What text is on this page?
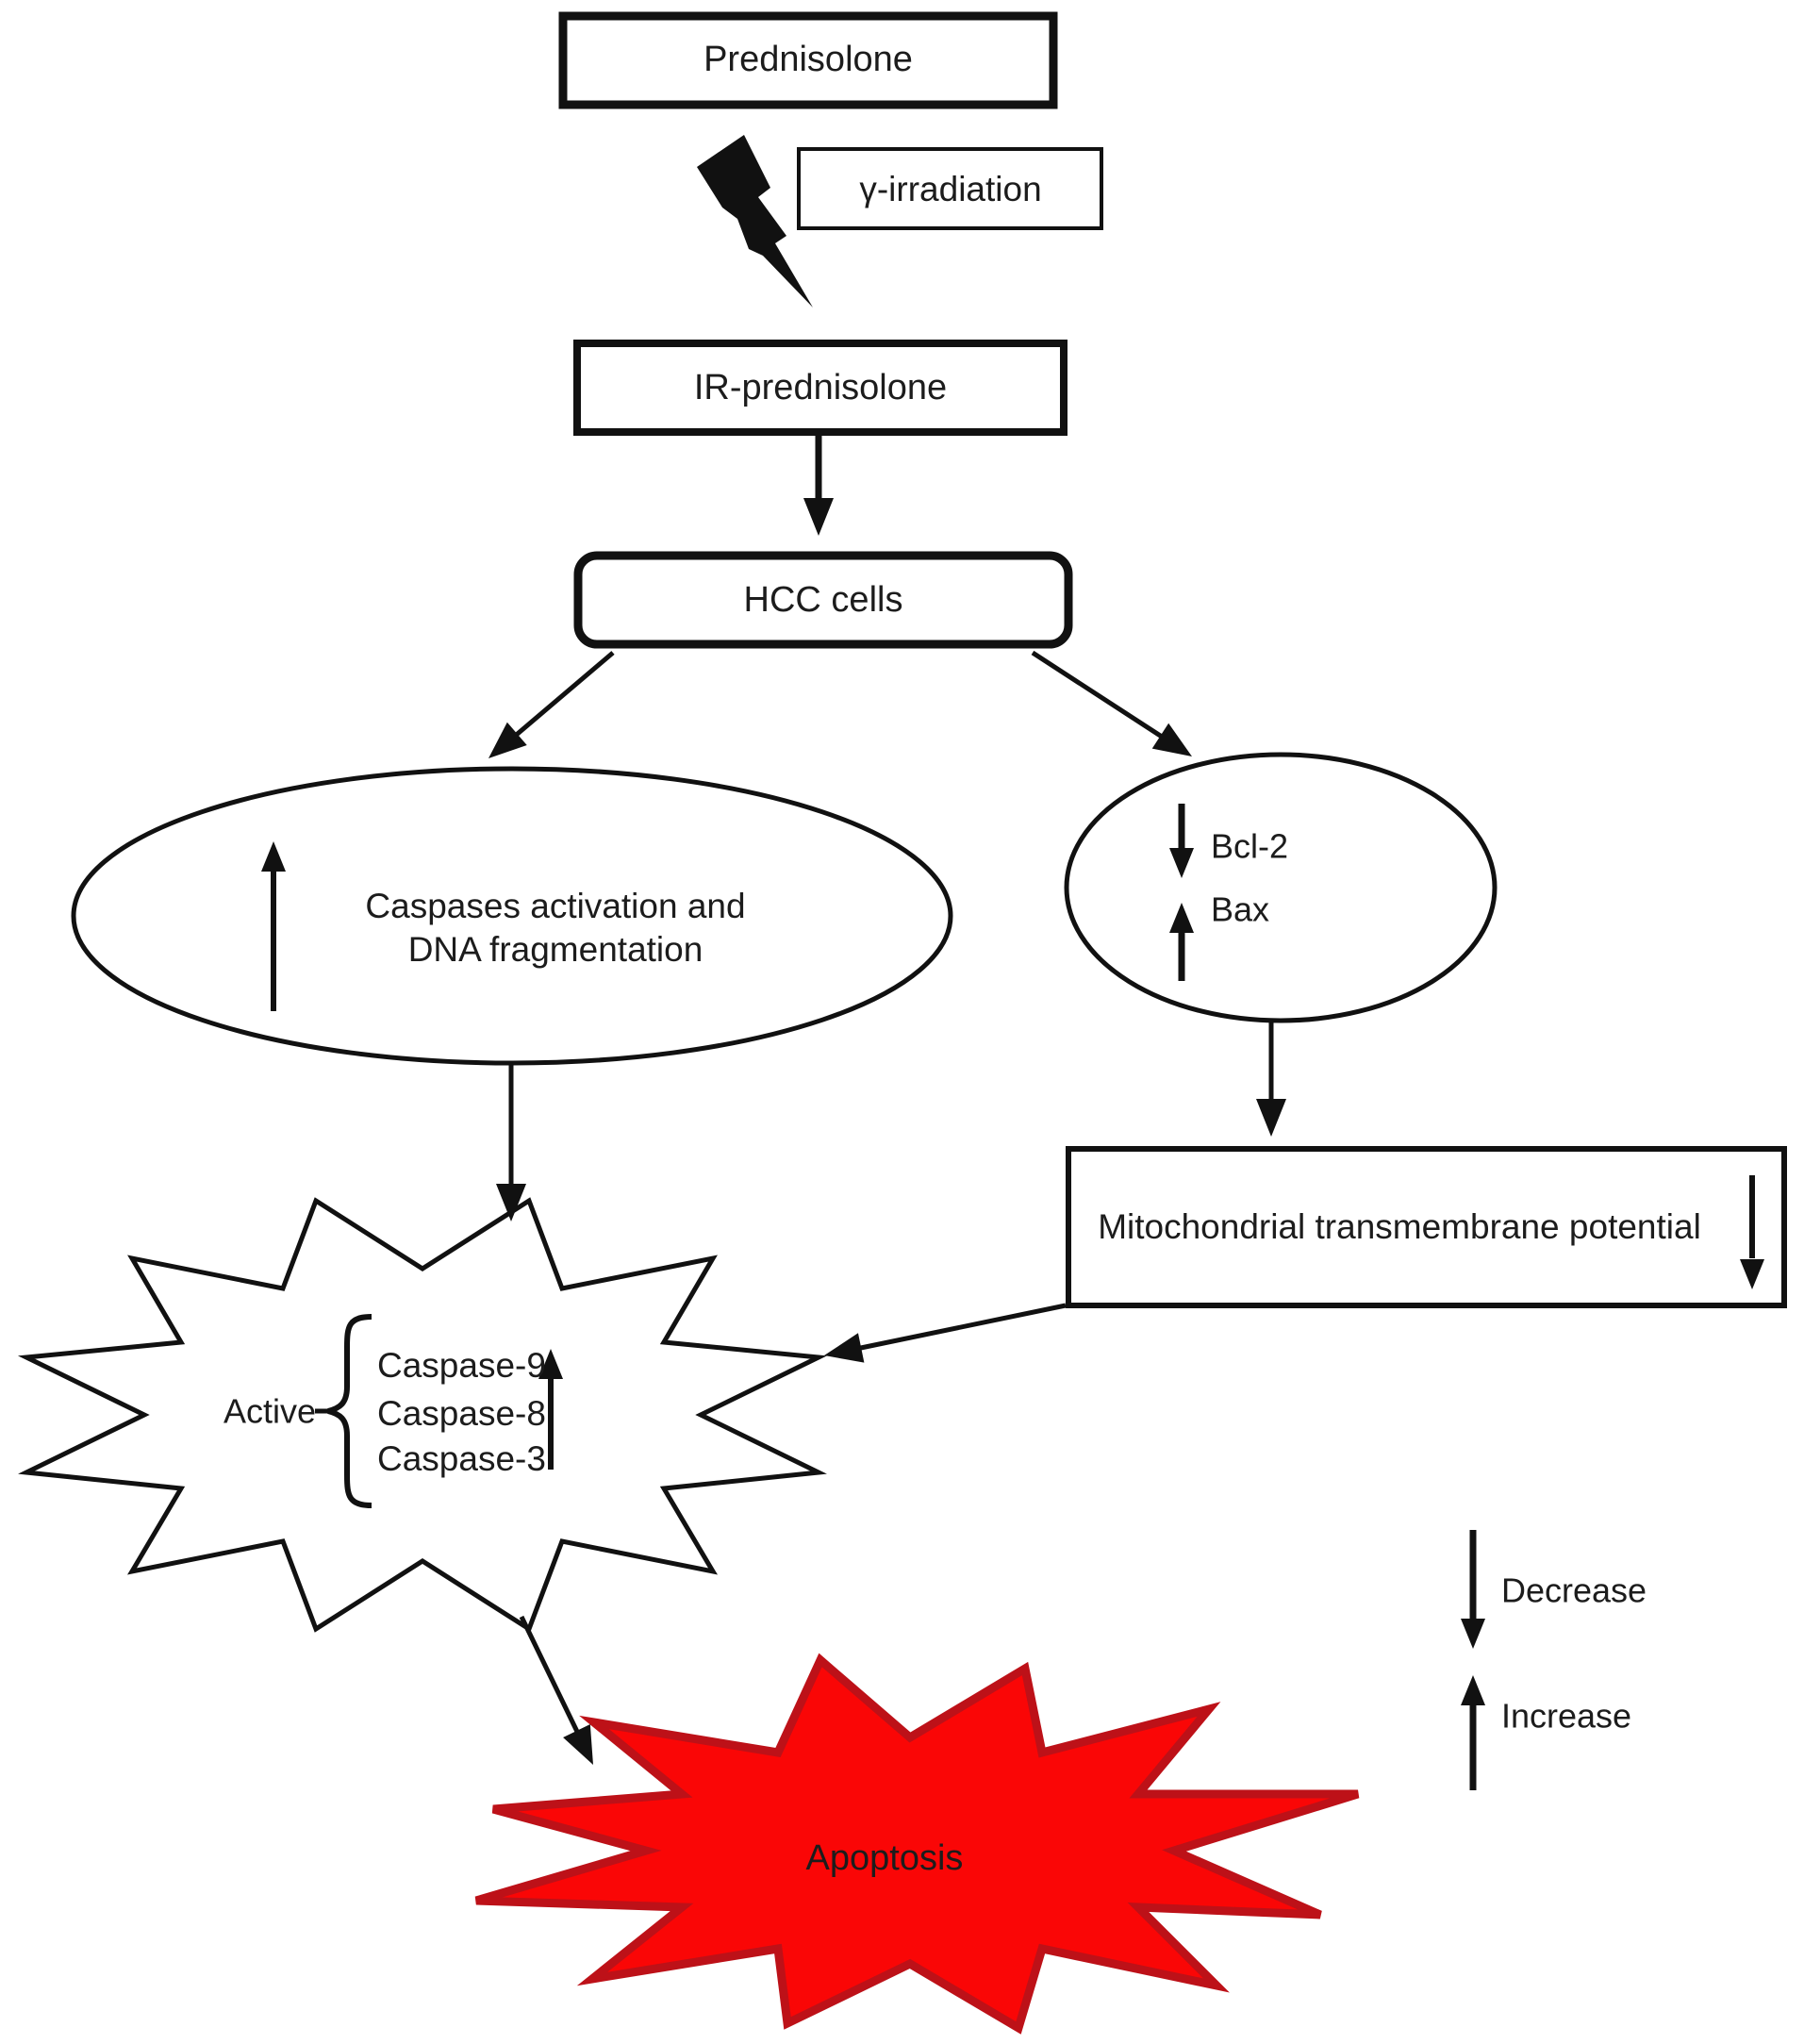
Prednisolone
γ-irradiation
IR-prednisolone
HCC cells
Caspases activation and
DNA fragmentation
Bcl-2
Bax
Mitochondrial transmembrane potential
Active
Caspase-9
Caspase-8
Caspase-3
Apoptosis
Decrease
Increase
